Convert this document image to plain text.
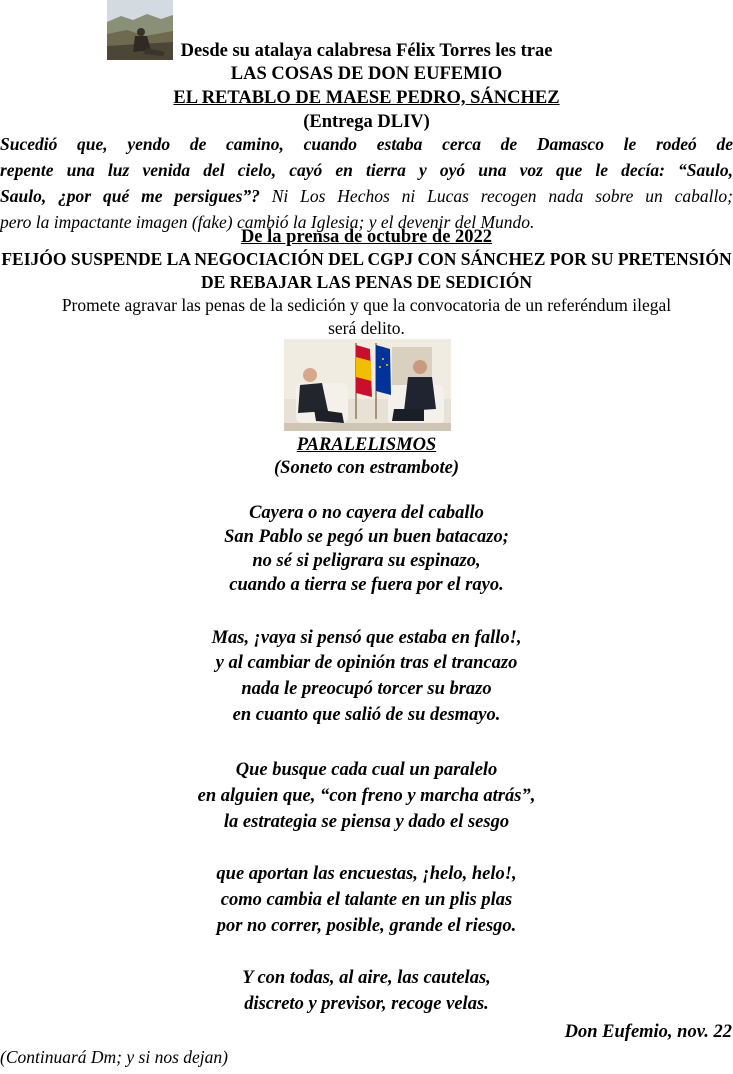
Desde su atalaya calabresa Félix Torres les trae
LAS COSAS DE DON EUFEMIO
EL RETABLO DE MAESE PEDRO, SÁNCHEZ
(Entrega DLIV)
Sucedió que, yendo de camino, cuando estaba cerca de Damasco le rodeó de
repente una luz venida del cielo, cayó en tierra y oyó una voz que le decía: “Saulo,
Saulo, ¿por qué me persigues”? Ni Los Hechos ni Lucas recogen nada sobre un caballo;
pero la impactante imagen (fake) cambió la Iglesia; y el devenir del Mundo.
De la prensa de octubre de 2022
FEIJÓO SUSPENDE LA NEGOCIACIÓN DEL CGPJ CON SÁNCHEZ POR SU PRETENSIÓN
DE REBAJAR LAS PENAS DE SEDICIÓN
Promete agravar las penas de la sedición y que la convocatoria de un referéndum ilegal
será delito.
PARALELISMOS
(Soneto con estrambote)
Cayera o no cayera del caballo
San Pablo se pegó un buen batacazo;
no sé si peligrara su espinazo,
cuando a tierra se fuera por el rayo.
Mas, ¡vaya si pensó que estaba en fallo!,
y al cambiar de opinión tras el trancazo
nada le preocupó torcer su brazo
en cuanto que salió de su desmayo.
Que busque cada cual un paralelo
en alguien que, “con freno y marcha atrás”,
la estrategia se piensa y dado el sesgo
que aportan las encuestas, ¡helo, helo!,
como cambia el talante en un plis plas
por no correr, posible, grande el riesgo.
Y con todas, al aire, las cautelas,
discreto y previsor, recoge velas.
Don Eufemio, nov. 22
(Continuará Dm; y si nos dejan)
